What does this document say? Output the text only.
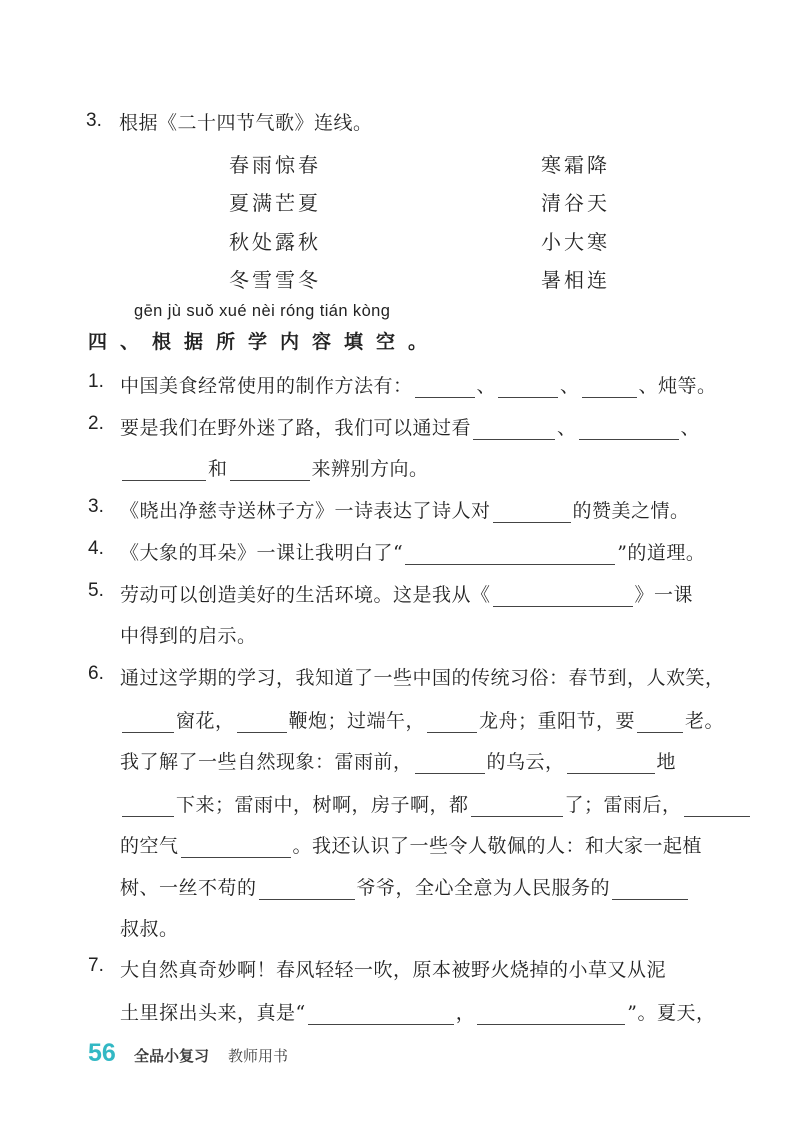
3. 根据《二十四节气歌》连线。
春雨惊春
夏满芒夏
秋处露秋
冬雪雪冬
寒霜降
清谷天
小大寒
暑相连
gēn jù suǒ xué nèi róng tián kòng
四、根据所学内容填空。
1. 中国美食经常使用的制作方法有：	、	、	、炖等。
2. 要是我们在野外迷了路，我们可以通过看	、	、
和	来辨别方向。
3. 《晓出净慈寺送林子方》一诗表达了诗人对	的赞美之情。
4. 《大象的耳朵》一课让我明白了“	”的道理。
5. 劳动可以创造美好的生活环境。这是我从《	》一课
中得到的启示。
6. 通过这学期的学习，我知道了一些中国的传统习俗：春节到，人欢笑，
窗花，	鞭炮；过端午，	龙舟；重阳节，要	老。
我了解了一些自然现象：雷雨前，	的乌云，	地
下来；雷雨中，树啊，房子啊，都	了；雷雨后，
的空气	。我还认识了一些令人敬佩的人：和大家一起植
树、一丝不苟的	爷爷，全心全意为人民服务的
叔叔。
7. 大自然真奇妙啊！春风轻轻一吹，原本被野火烧掉的小草又从泥
土里探出头来，真是“	，	”。夏天，
56 全品小复习 教师用书
